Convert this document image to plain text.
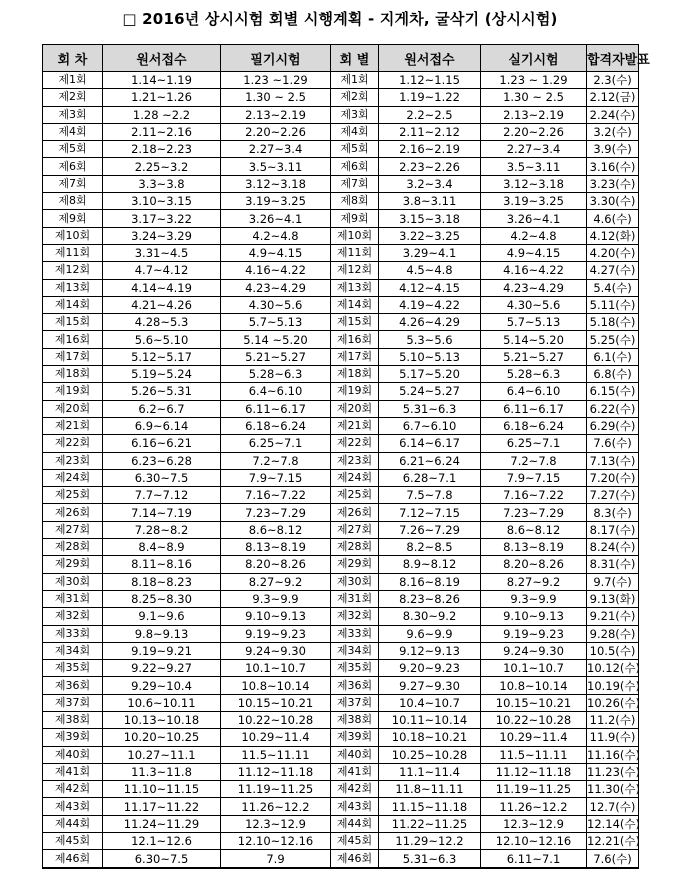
□ 2016년 상시시험 회별 시행계획 - 지게차, 굴삭기 (상시시험)
회 차	원서접수	필기시험	회 별	원서접수	실기시험	합격자발표
제1회	1.14~1.19	1.23 ~1.29	제1회	1.12~1.15	1.23 ~ 1.29	2.3(수)
제2회	1.21~1.26	1.30 ~ 2.5	제2회	1.19~1.22	1.30 ~ 2.5	2.12(금)
제3회	1.28 ~2.2	2.13~2.19	제3회	2.2~2.5	2.13~2.19	2.24(수)
제4회	2.11~2.16	2.20~2.26	제4회	2.11~2.12	2.20~2.26	3.2(수)
제5회	2.18~2.23	2.27~3.4	제5회	2.16~2.19	2.27~3.4	3.9(수)
제6회	2.25~3.2	3.5~3.11	제6회	2.23~2.26	3.5~3.11	3.16(수)
제7회	3.3~3.8	3.12~3.18	제7회	3.2~3.4	3.12~3.18	3.23(수)
제8회	3.10~3.15	3.19~3.25	제8회	3.8~3.11	3.19~3.25	3.30(수)
제9회	3.17~3.22	3.26~4.1	제9회	3.15~3.18	3.26~4.1	4.6(수)
제10회	3.24~3.29	4.2~4.8	제10회	3.22~3.25	4.2~4.8	4.12(화)
제11회	3.31~4.5	4.9~4.15	제11회	3.29~4.1	4.9~4.15	4.20(수)
제12회	4.7~4.12	4.16~4.22	제12회	4.5~4.8	4.16~4.22	4.27(수)
제13회	4.14~4.19	4.23~4.29	제13회	4.12~4.15	4.23~4.29	5.4(수)
제14회	4.21~4.26	4.30~5.6	제14회	4.19~4.22	4.30~5.6	5.11(수)
제15회	4.28~5.3	5.7~5.13	제15회	4.26~4.29	5.7~5.13	5.18(수)
제16회	5.6~5.10	5.14 ~5.20	제16회	5.3~5.6	5.14~5.20	5.25(수)
제17회	5.12~5.17	5.21~5.27	제17회	5.10~5.13	5.21~5.27	6.1(수)
제18회	5.19~5.24	5.28~6.3	제18회	5.17~5.20	5.28~6.3	6.8(수)
제19회	5.26~5.31	6.4~6.10	제19회	5.24~5.27	6.4~6.10	6.15(수)
제20회	6.2~6.7	6.11~6.17	제20회	5.31~6.3	6.11~6.17	6.22(수)
제21회	6.9~6.14	6.18~6.24	제21회	6.7~6.10	6.18~6.24	6.29(수)
제22회	6.16~6.21	6.25~7.1	제22회	6.14~6.17	6.25~7.1	7.6(수)
제23회	6.23~6.28	7.2~7.8	제23회	6.21~6.24	7.2~7.8	7.13(수)
제24회	6.30~7.5	7.9~7.15	제24회	6.28~7.1	7.9~7.15	7.20(수)
제25회	7.7~7.12	7.16~7.22	제25회	7.5~7.8	7.16~7.22	7.27(수)
제26회	7.14~7.19	7.23~7.29	제26회	7.12~7.15	7.23~7.29	8.3(수)
제27회	7.28~8.2	8.6~8.12	제27회	7.26~7.29	8.6~8.12	8.17(수)
제28회	8.4~8.9	8.13~8.19	제28회	8.2~8.5	8.13~8.19	8.24(수)
제29회	8.11~8.16	8.20~8.26	제29회	8.9~8.12	8.20~8.26	8.31(수)
제30회	8.18~8.23	8.27~9.2	제30회	8.16~8.19	8.27~9.2	9.7(수)
제31회	8.25~8.30	9.3~9.9	제31회	8.23~8.26	9.3~9.9	9.13(화)
제32회	9.1~9.6	9.10~9.13	제32회	8.30~9.2	9.10~9.13	9.21(수)
제33회	9.8~9.13	9.19~9.23	제33회	9.6~9.9	9.19~9.23	9.28(수)
제34회	9.19~9.21	9.24~9.30	제34회	9.12~9.13	9.24~9.30	10.5(수)
제35회	9.22~9.27	10.1~10.7	제35회	9.20~9.23	10.1~10.7	10.12(수)
제36회	9.29~10.4	10.8~10.14	제36회	9.27~9.30	10.8~10.14	10.19(수)
제37회	10.6~10.11	10.15~10.21	제37회	10.4~10.7	10.15~10.21	10.26(수)
제38회	10.13~10.18	10.22~10.28	제38회	10.11~10.14	10.22~10.28	11.2(수)
제39회	10.20~10.25	10.29~11.4	제39회	10.18~10.21	10.29~11.4	11.9(수)
제40회	10.27~11.1	11.5~11.11	제40회	10.25~10.28	11.5~11.11	11.16(수)
제41회	11.3~11.8	11.12~11.18	제41회	11.1~11.4	11.12~11.18	11.23(수)
제42회	11.10~11.15	11.19~11.25	제42회	11.8~11.11	11.19~11.25	11.30(수)
제43회	11.17~11.22	11.26~12.2	제43회	11.15~11.18	11.26~12.2	12.7(수)
제44회	11.24~11.29	12.3~12.9	제44회	11.22~11.25	12.3~12.9	12.14(수)
제45회	12.1~12.6	12.10~12.16	제45회	11.29~12.2	12.10~12.16	12.21(수)
제46회	6.30~7.5	7.9	제46회	5.31~6.3	6.11~7.1	7.6(수)
